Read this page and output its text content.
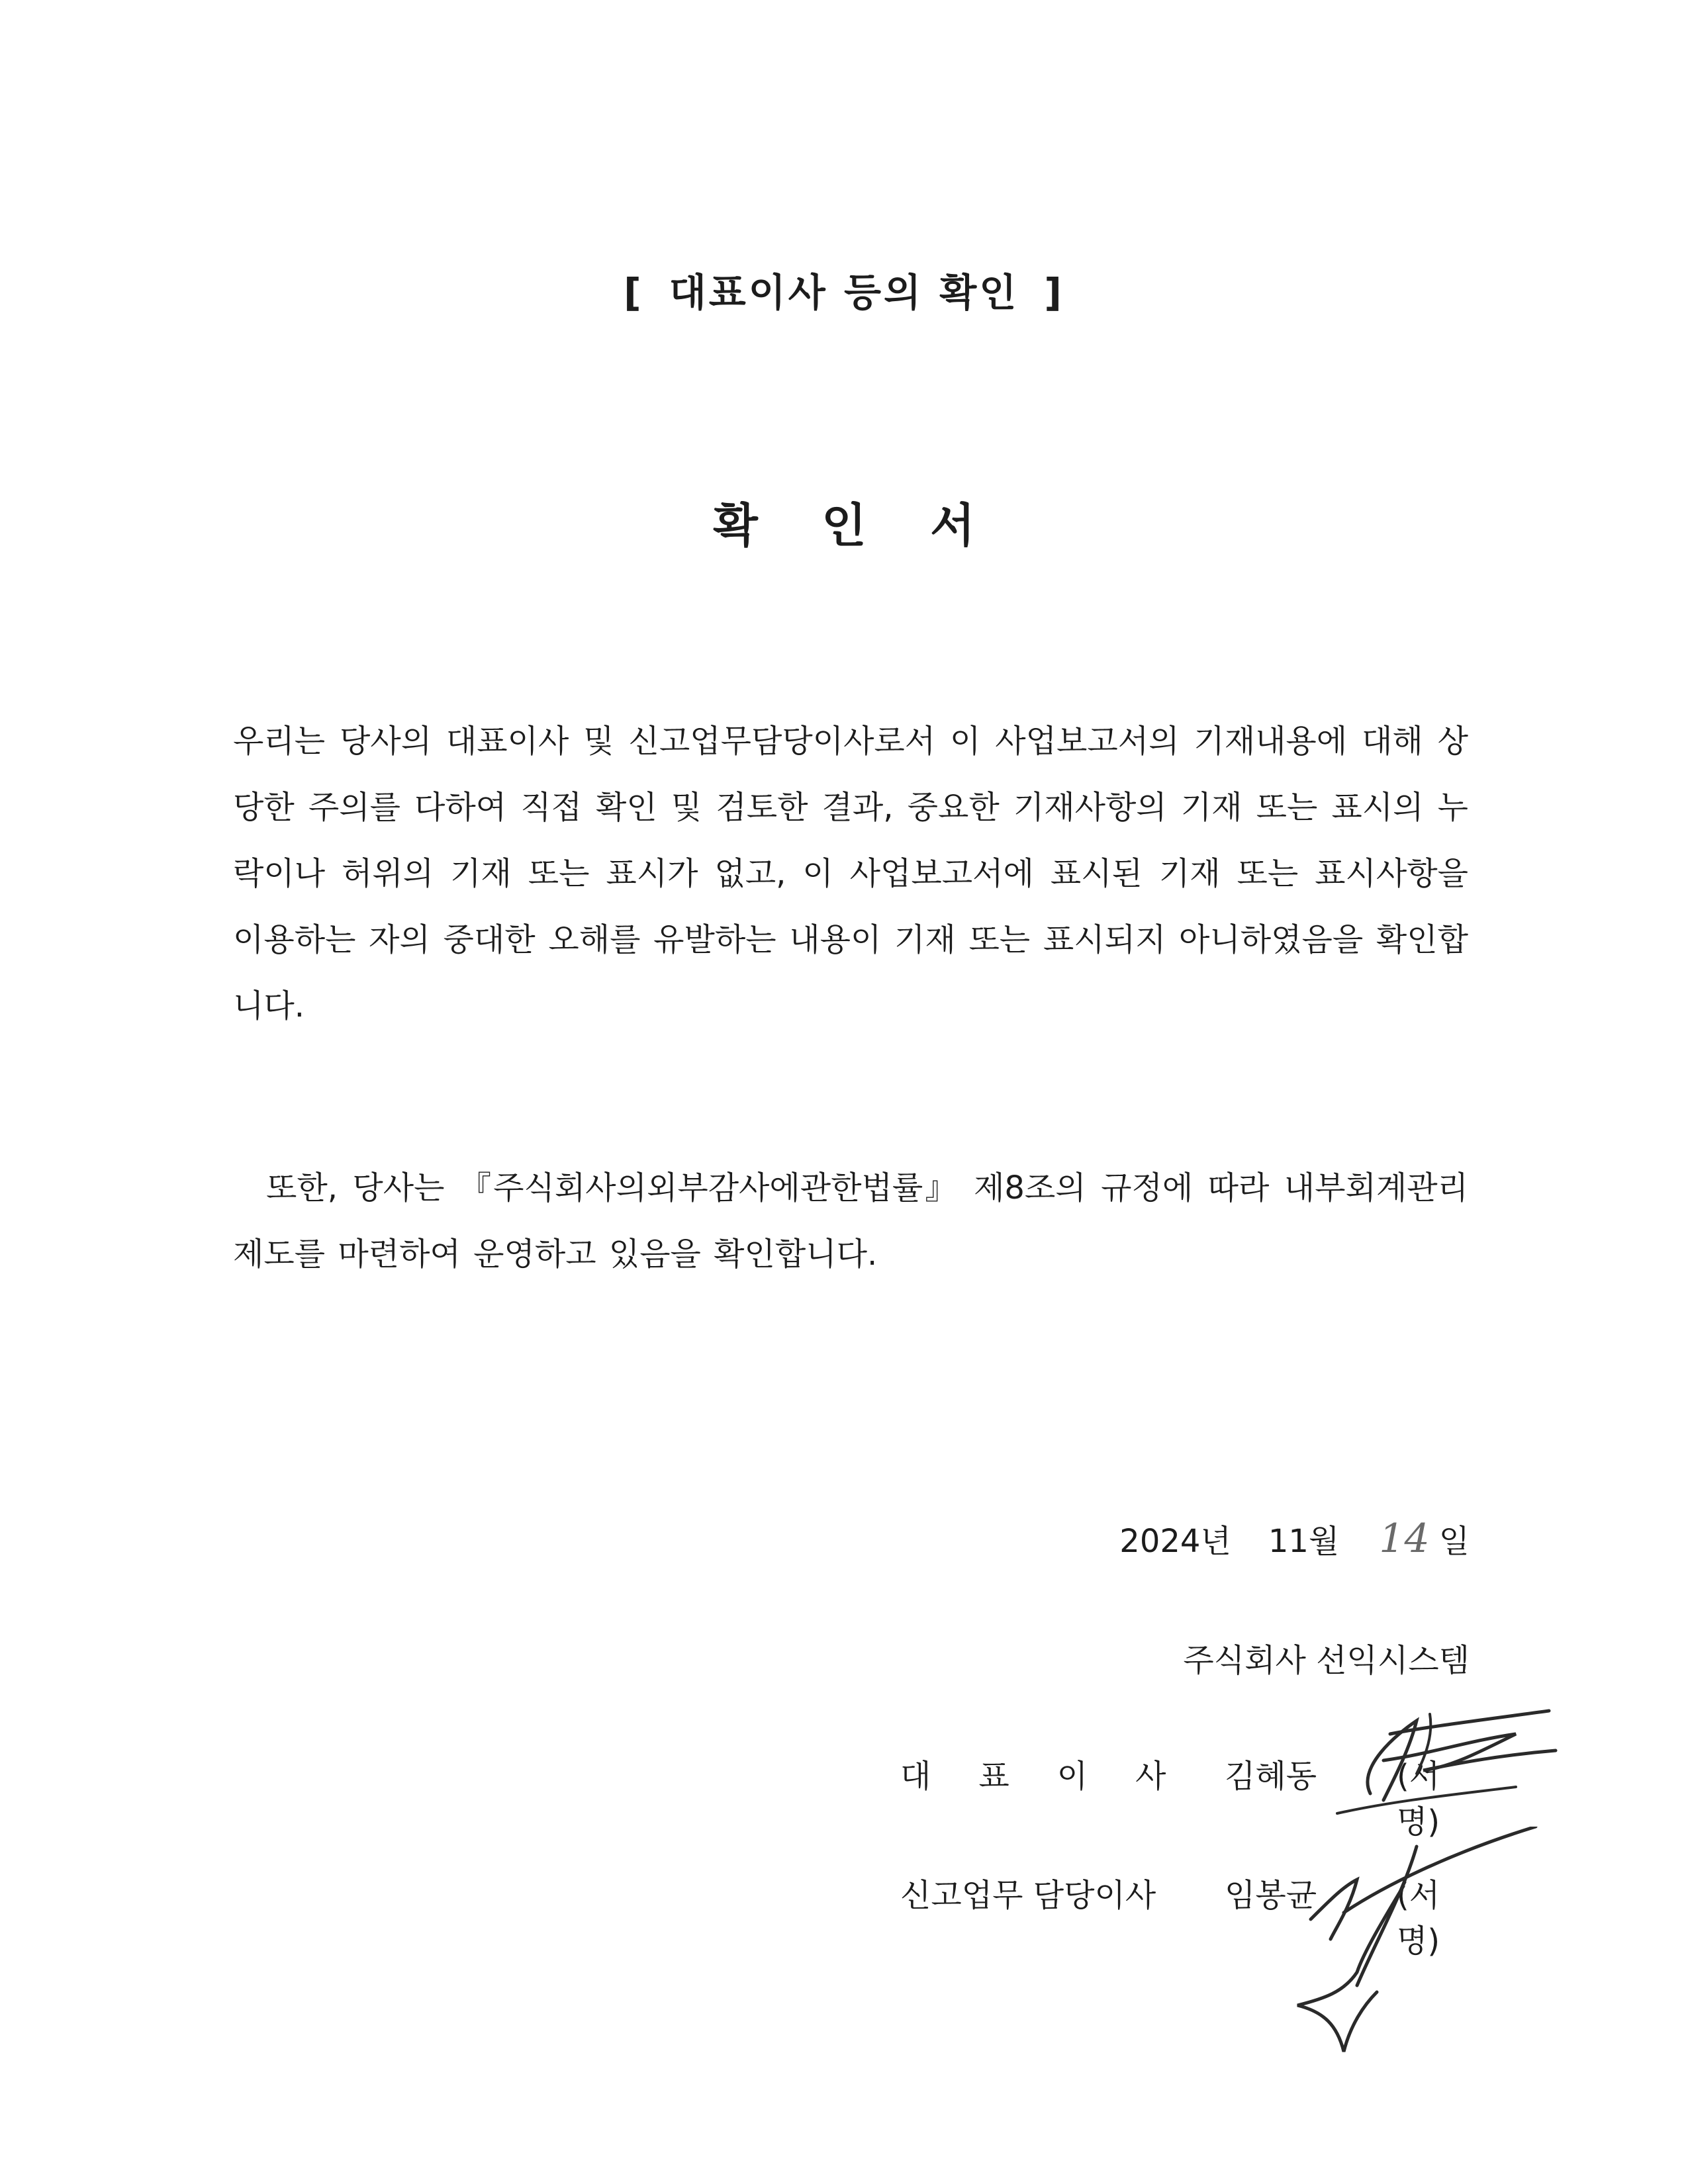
[ 대표이사 등의 확인 ]
확 인 서
우리는 당사의 대표이사 및 신고업무담당이사로서 이 사업보고서의 기재내용에 대해 상당한 주의를 다하여 직접 확인 및 검토한 결과, 중요한 기재사항의 기재 또는 표시의 누락이나 허위의 기재 또는 표시가 없고, 이 사업보고서에 표시된 기재 또는 표시사항을 이용하는 자의 중대한 오해를 유발하는 내용이 기재 또는 표시되지 아니하였음을 확인합니다.
또한, 당사는 『주식회사의외부감사에관한법률』 제8조의 규정에 따라 내부회계관리제도를 마련하여 운영하고 있음을 확인합니다.
2024년 11월 14 일
주식회사 선익시스템
대표이사 김혜동	(서명)
신고업무 담당이사 임봉균	(서명)
